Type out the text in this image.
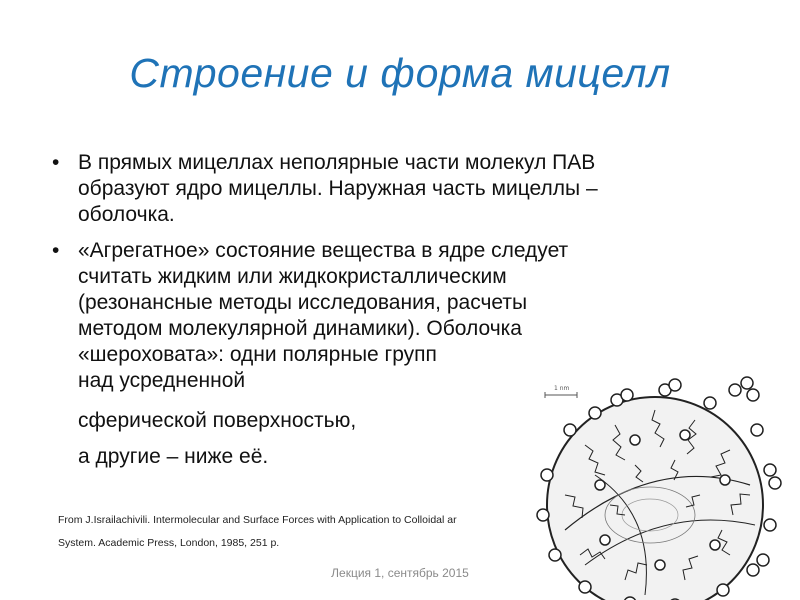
Строение и форма мицелл
• В прямых мицеллах неполярные части молекул ПАВ
образуют ядро мицеллы. Наружная часть мицеллы –
оболочка.
• «Агрегатное» состояние вещества в ядре следует
считать жидким или жидкокристаллическим
(резонансные методы исследования, расчеты
методом молекулярной динамики). Оболочка
«шероховата»: одни полярные групп
над усредненной
сферической поверхностью,
а другие – ниже её.
From J.Israilachivili. Intermolecular and Surface Forces with Application to Colloidal ar
System. Academic Press, London, 1985, 251 p.
Лекция 1, сентябрь 2015
1 nm
